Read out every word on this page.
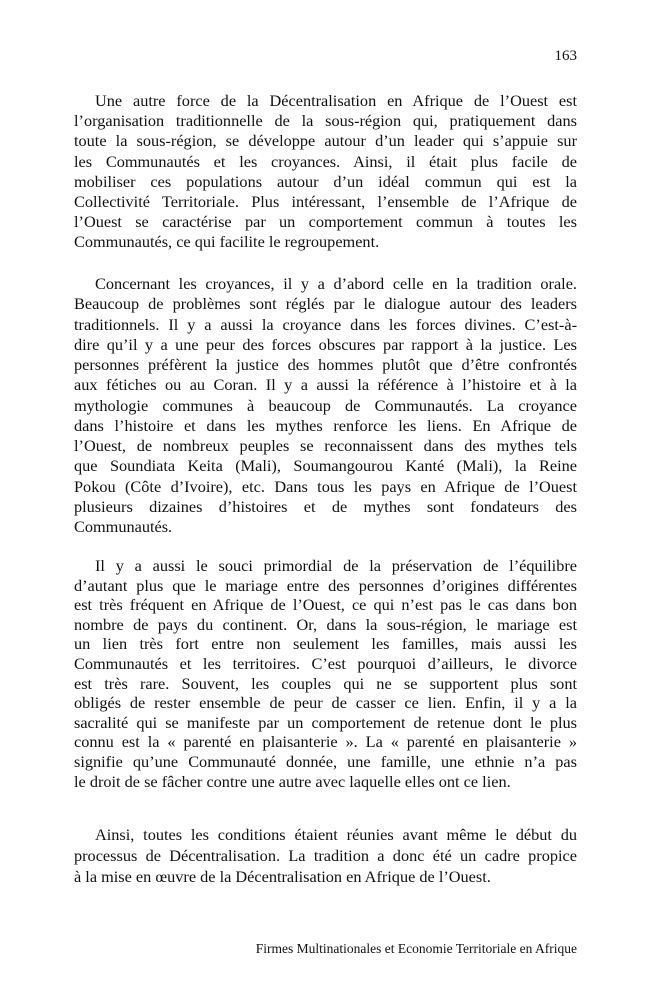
163
Une autre force de la Décentralisation en Afrique de l’Ouest est
l’organisation traditionnelle de la sous-région qui, pratiquement dans
toute la sous-région, se développe autour d’un leader qui s’appuie sur
les Communautés et les croyances. Ainsi, il était plus facile de
mobiliser ces populations autour d’un idéal commun qui est la
Collectivité Territoriale. Plus intéressant, l’ensemble de l’Afrique de
l’Ouest se caractérise par un comportement commun à toutes les
Communautés, ce qui facilite le regroupement.
Concernant les croyances, il y a d’abord celle en la tradition orale.
Beaucoup de problèmes sont réglés par le dialogue autour des leaders
traditionnels. Il y a aussi la croyance dans les forces divines. C’est-à-
dire qu’il y a une peur des forces obscures par rapport à la justice. Les
personnes préfèrent la justice des hommes plutôt que d’être confrontés
aux fétiches ou au Coran. Il y a aussi la référence à l’histoire et à la
mythologie communes à beaucoup de Communautés. La croyance
dans l’histoire et dans les mythes renforce les liens. En Afrique de
l’Ouest, de nombreux peuples se reconnaissent dans des mythes tels
que Soundiata Keita (Mali), Soumangourou Kanté (Mali), la Reine
Pokou (Côte d’Ivoire), etc. Dans tous les pays en Afrique de l’Ouest
plusieurs dizaines d’histoires et de mythes sont fondateurs des
Communautés.
Il y a aussi le souci primordial de la préservation de l’équilibre
d’autant plus que le mariage entre des personnes d’origines différentes
est très fréquent en Afrique de l’Ouest, ce qui n’est pas le cas dans bon
nombre de pays du continent. Or, dans la sous-région, le mariage est
un lien très fort entre non seulement les familles, mais aussi les
Communautés et les territoires. C’est pourquoi d’ailleurs, le divorce
est très rare. Souvent, les couples qui ne se supportent plus sont
obligés de rester ensemble de peur de casser ce lien. Enfin, il y a la
sacralité qui se manifeste par un comportement de retenue dont le plus
connu est la « parenté en plaisanterie ». La « parenté en plaisanterie »
signifie qu’une Communauté donnée, une famille, une ethnie n’a pas
le droit de se fâcher contre une autre avec laquelle elles ont ce lien.
Ainsi, toutes les conditions étaient réunies avant même le début du
processus de Décentralisation. La tradition a donc été un cadre propice
à la mise en œuvre de la Décentralisation en Afrique de l’Ouest.
Firmes Multinationales et Economie Territoriale en Afrique
